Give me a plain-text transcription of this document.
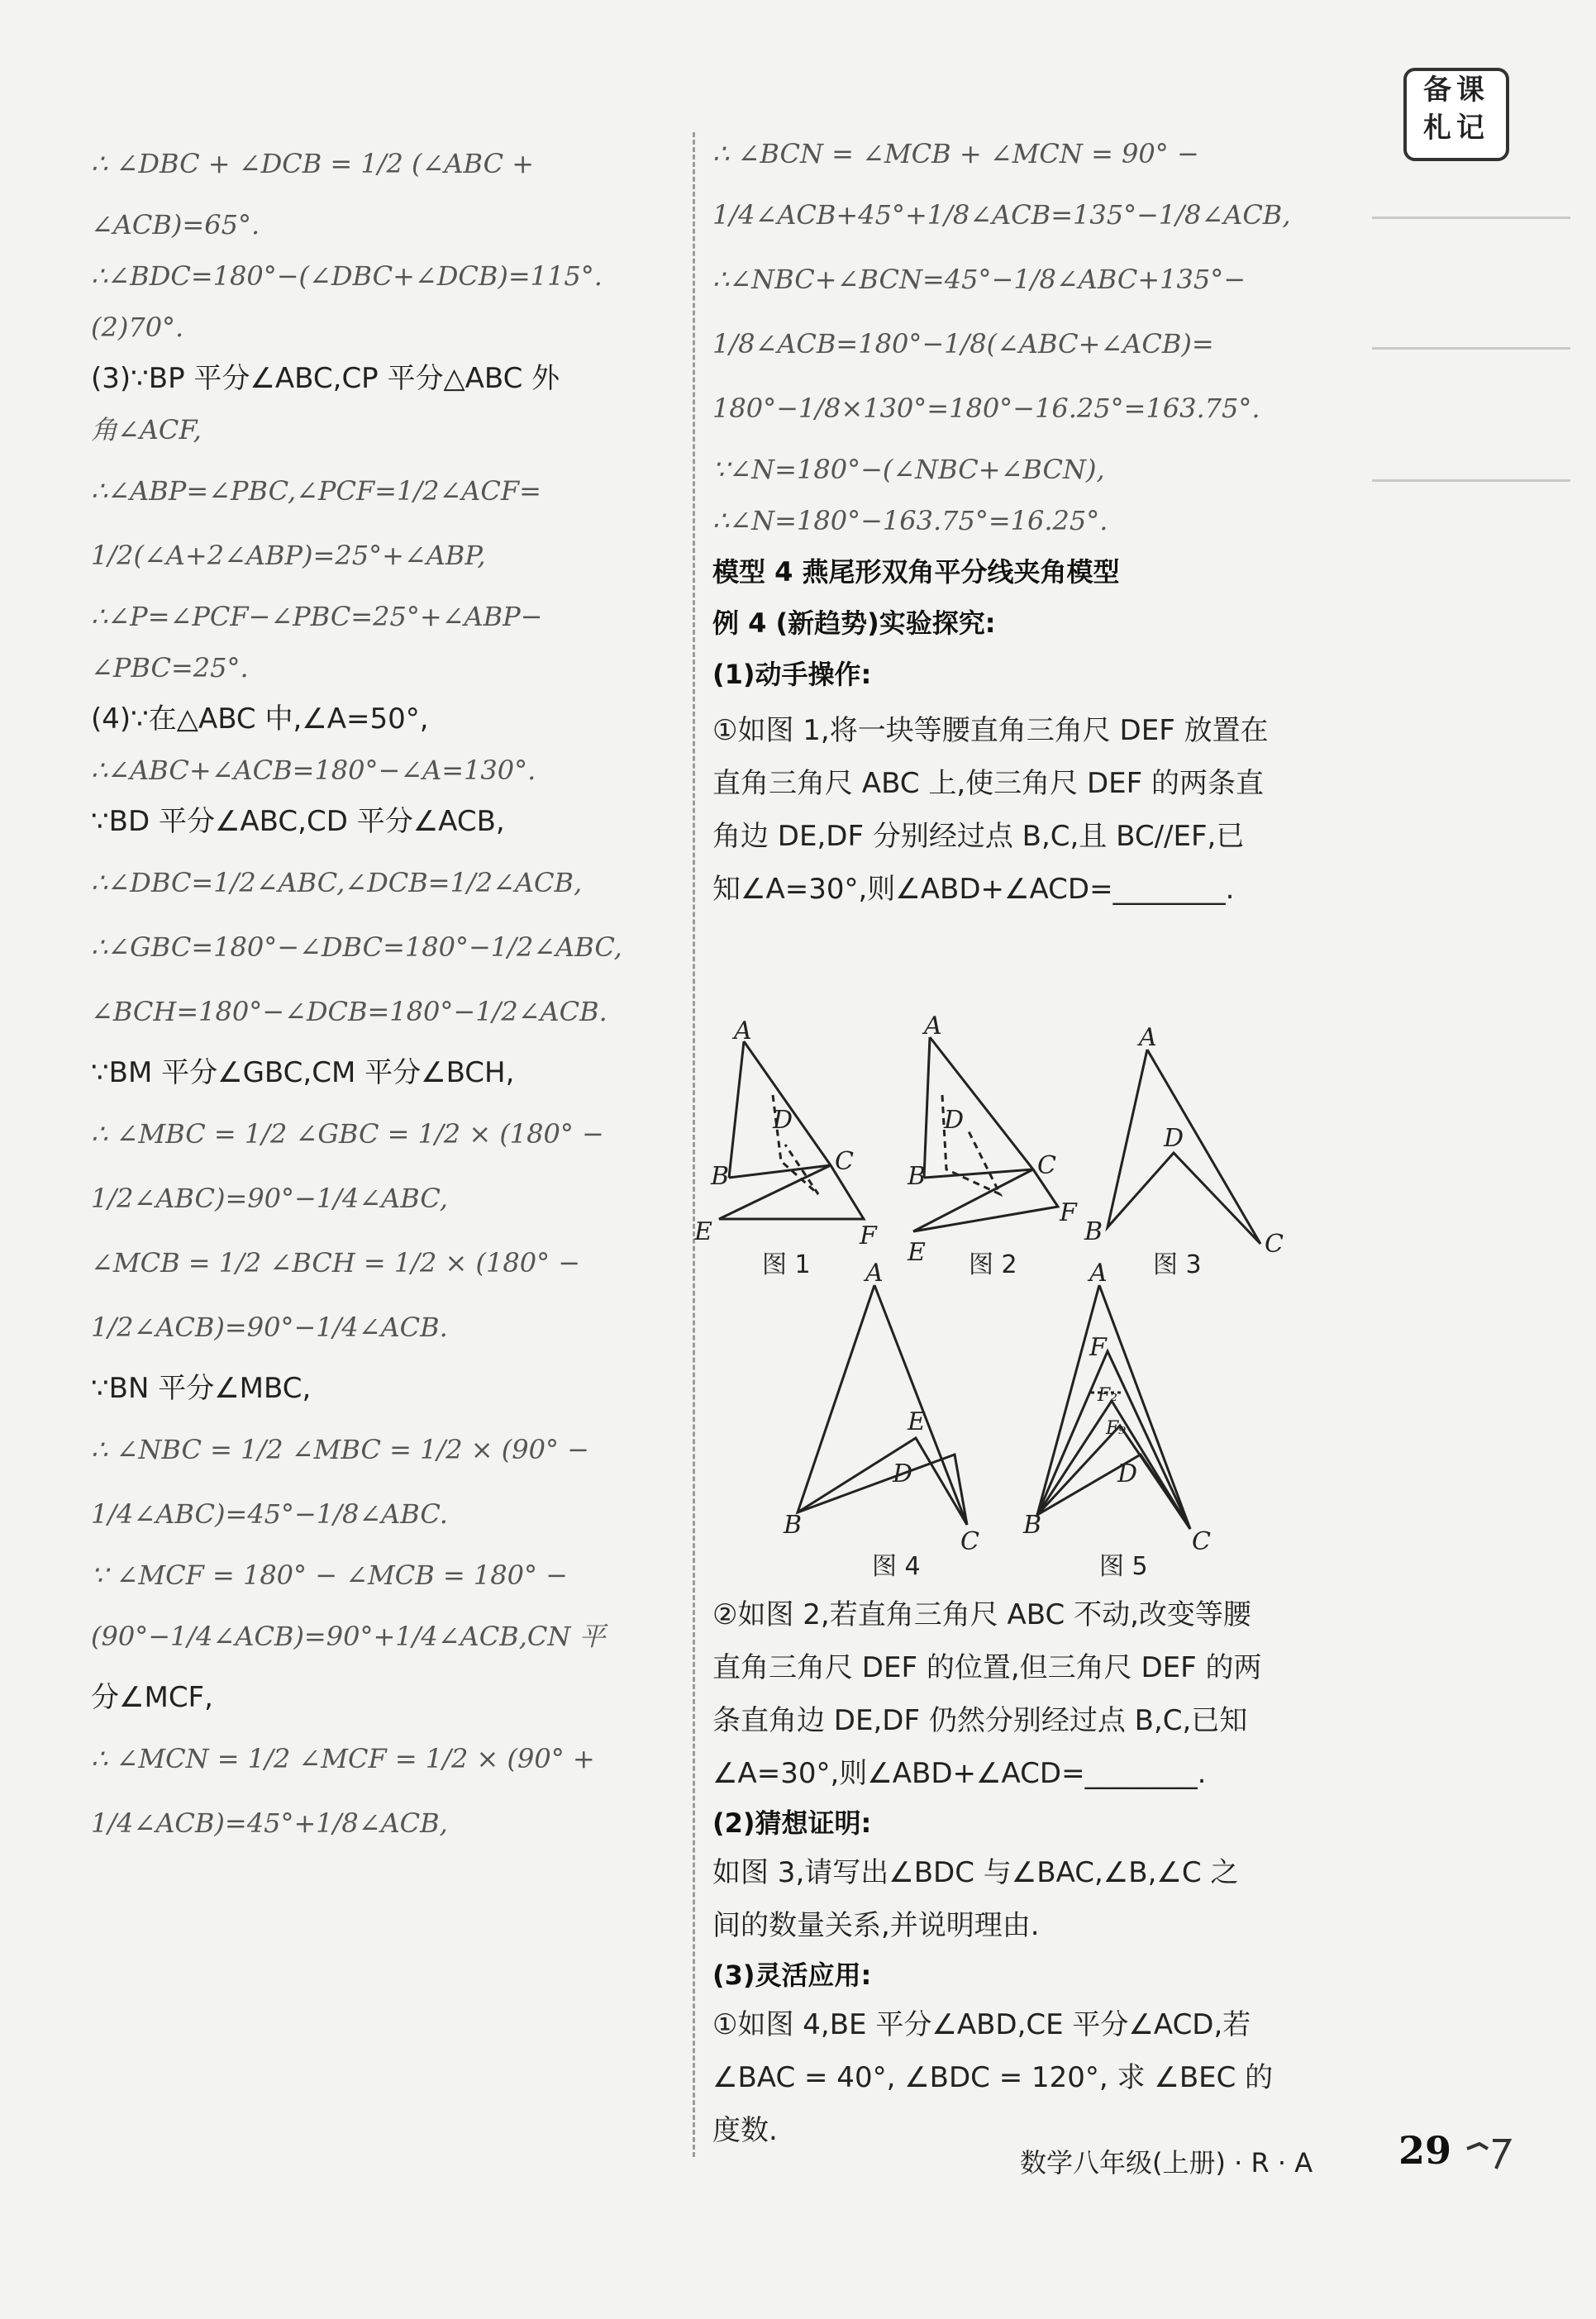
备课
札记
∴ ∠DBC + ∠DCB = 1/2 (∠ABC +
∠ACB)=65°.
∴∠BDC=180°−(∠DBC+∠DCB)=115°.
(2)70°.
(3)∵BP 平分∠ABC,CP 平分△ABC 外
角∠ACF,
∴∠ABP=∠PBC,∠PCF=1/2∠ACF=
1/2(∠A+2∠ABP)=25°+∠ABP,
∴∠P=∠PCF−∠PBC=25°+∠ABP−
∠PBC=25°.
(4)∵在△ABC 中,∠A=50°,
∴∠ABC+∠ACB=180°−∠A=130°.
∵BD 平分∠ABC,CD 平分∠ACB,
∴∠DBC=1/2∠ABC,∠DCB=1/2∠ACB,
∴∠GBC=180°−∠DBC=180°−1/2∠ABC,
∠BCH=180°−∠DCB=180°−1/2∠ACB.
∵BM 平分∠GBC,CM 平分∠BCH,
∴ ∠MBC = 1/2 ∠GBC = 1/2 × (180° −
1/2∠ABC)=90°−1/4∠ABC,
∠MCB = 1/2 ∠BCH = 1/2 × (180° −
1/2∠ACB)=90°−1/4∠ACB.
∵BN 平分∠MBC,
∴ ∠NBC = 1/2 ∠MBC = 1/2 × (90° −
1/4∠ABC)=45°−1/8∠ABC.
∵ ∠MCF = 180° − ∠MCB = 180° −
(90°−1/4∠ACB)=90°+1/4∠ACB,CN 平
分∠MCF,
∴ ∠MCN = 1/2 ∠MCF = 1/2 × (90° +
1/4∠ACB)=45°+1/8∠ACB,
∴ ∠BCN = ∠MCB + ∠MCN = 90° −
1/4∠ACB+45°+1/8∠ACB=135°−1/8∠ACB,
∴∠NBC+∠BCN=45°−1/8∠ABC+135°−
1/8∠ACB=180°−1/8(∠ABC+∠ACB)=
180°−1/8×130°=180°−16.25°=163.75°.
∵∠N=180°−(∠NBC+∠BCN),
∴∠N=180°−163.75°=16.25°.
模型 4 燕尾形双角平分线夹角模型
例 4 (新趋势)实验探究:
(1)动手操作:
①如图 1,将一块等腰直角三角尺 DEF 放置在
直角三角尺 ABC 上,使三角尺 DEF 的两条直
角边 DE,DF 分别经过点 B,C,且 BC//EF,已
知∠A=30°,则∠ABD+∠ACD=________.
A
D
B
C
E	F
A
D
B	C
E
F
A
D
B	C
A
E
D
B
C
A
F
F₂
F₉
D
B
C
图 1	图 2	图 3
图 4	图 5
②如图 2,若直角三角尺 ABC 不动,改变等腰
直角三角尺 DEF 的位置,但三角尺 DEF 的两
条直角边 DE,DF 仍然分别经过点 B,C,已知
∠A=30°,则∠ABD+∠ACD=________.
(2)猜想证明:
如图 3,请写出∠BDC 与∠BAC,∠B,∠C 之
间的数量关系,并说明理由.
(3)灵活应用:
①如图 4,BE 平分∠ABD,CE 平分∠ACD,若
∠BAC = 40°, ∠BDC = 120°, 求 ∠BEC 的
度数.
数学八年级(上册) · R · A 29
